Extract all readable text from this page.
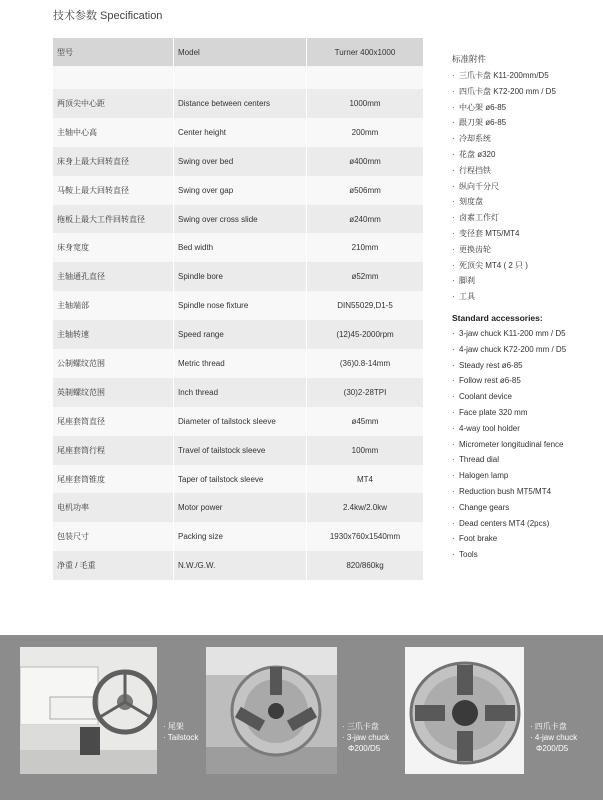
技术参数 Specification
型号	Model	Turner 400x1000

两顶尖中心距	Distance between centers	1000mm
主轴中心高	Center height	200mm
床身上最大回转直径	Swing over bed	ø400mm
马鞍上最大回转直径	Swing over gap	ø506mm
拖板上最大工件回转直径	Swing over cross slide	ø240mm
床身宽度	Bed width	210mm
主轴通孔直径	Spindle bore	ø52mm
主轴端部	Spindle nose fixture	DIN55029,D1-5
主轴转速	Speed range	(12)45-2000rpm
公制螺纹范围	Metric thread	(36)0.8-14mm
英制螺纹范围	Inch thread	(30)2-28TPI
尾座套筒直径	Diameter of tailstock sleeve	ø45mm
尾座套筒行程	Travel of tailstock sleeve	100mm
尾座套筒锥度	Taper of tailstock sleeve	MT4
电机功率	Motor power	2.4kw/2.0kw
包装尺寸	Packing size	1930x760x1540mm
净重 / 毛重	N.W./G.W.	820/860kg
标准附件
· 三爪卡盘 K11-200mm/D5
· 四爪卡盘 K72-200 mm / D5
· 中心架 ø6-85
· 跟刀架 ø6-85
· 冷却系统
· 花盘 ø320
· 行程挡铁
· 纵向千分尺
· 刻度盘
· 卤素工作灯
· 变径套 MT5/MT4
· 更换齿轮
· 死顶尖 MT4 ( 2 只 )
· 脚刹
· 工具
Standard accessories:
· 3-jaw chuck K11-200 mm / D5
· 4-jaw chuck K72-200 mm / D5
· Steady rest ø6-85
· Follow rest ø6-85
· Coolant device
· Face plate 320 mm
· 4-way tool holder
· Micrometer longitudinal fence
· Thread dial
· Halogen lamp
· Reduction bush MT5/MT4
· Change gears
· Dead centers MT4 (2pcs)
· Foot brake
· Tools
· 尾架
· Tailstock
· 三爪卡盘
· 3-jaw chuck
Φ200/D5
· 四爪卡盘
· 4-jaw chuck
Φ200/D5
